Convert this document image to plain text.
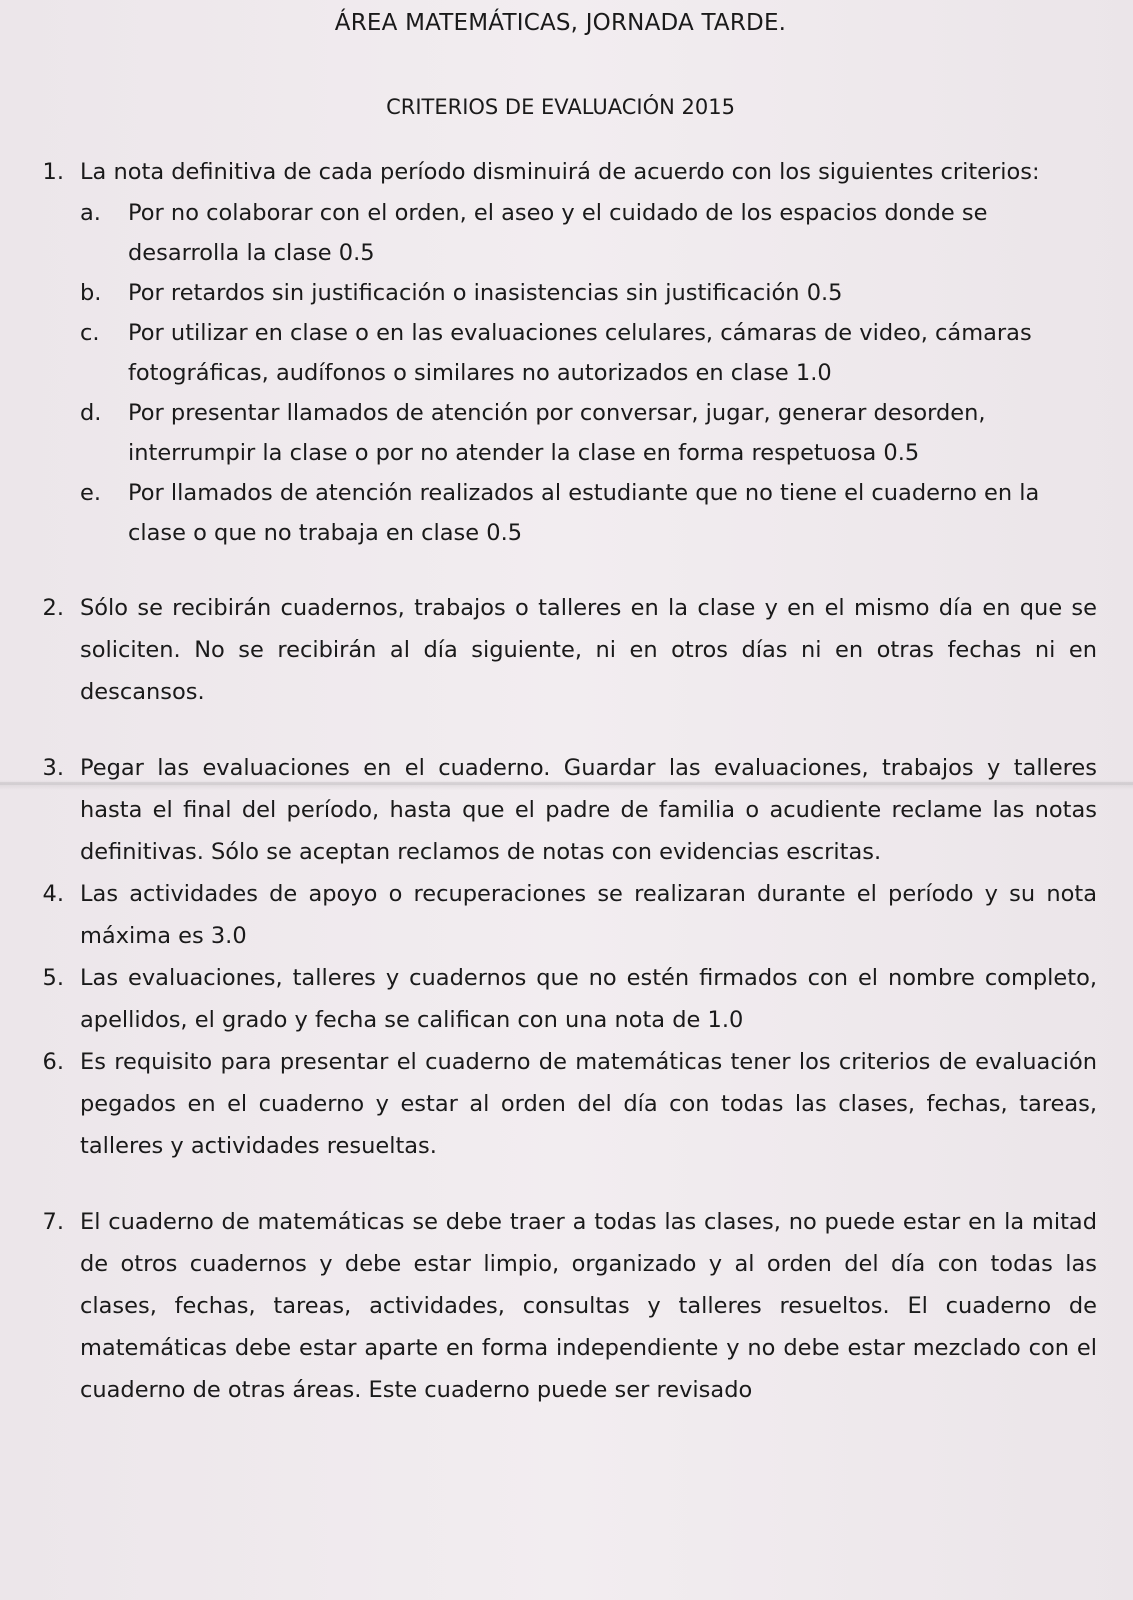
ÁREA MATEMÁTICAS, JORNADA TARDE.
CRITERIOS DE EVALUACIÓN 2015
1. La nota definitiva de cada período disminuirá de acuerdo con los siguientes criterios:
a. Por no colaborar con el orden, el aseo y el cuidado de los espacios donde se desarrolla la clase 0.5
b. Por retardos sin justificación o inasistencias sin justificación 0.5
c. Por utilizar en clase o en las evaluaciones celulares, cámaras de video, cámaras fotográficas, audífonos o similares no autorizados en clase 1.0
d. Por presentar llamados de atención por conversar, jugar, generar desorden, interrumpir la clase o por no atender la clase en forma respetuosa 0.5
e. Por llamados de atención realizados al estudiante que no tiene el cuaderno en la clase o que no trabaja en clase 0.5
2. Sólo se recibirán cuadernos, trabajos o talleres en la clase y en el mismo día en que se soliciten. No se recibirán al día siguiente, ni en otros días ni en otras fechas ni en descansos.
3. Pegar las evaluaciones en el cuaderno. Guardar las evaluaciones, trabajos y talleres hasta el final del período, hasta que el padre de familia o acudiente reclame las notas definitivas. Sólo se aceptan reclamos de notas con evidencias escritas.
4. Las actividades de apoyo o recuperaciones se realizaran durante el período y su nota máxima es 3.0
5. Las evaluaciones, talleres y cuadernos que no estén firmados con el nombre completo, apellidos, el grado y fecha se califican con una nota de 1.0
6. Es requisito para presentar el cuaderno de matemáticas tener los criterios de evaluación pegados en el cuaderno y estar al orden del día con todas las clases, fechas, tareas, talleres y actividades resueltas.
7. El cuaderno de matemáticas se debe traer a todas las clases, no puede estar en la mitad de otros cuadernos y debe estar limpio, organizado y al orden del día con todas las clases, fechas, tareas, actividades, consultas y talleres resueltos. El cuaderno de matemáticas debe estar aparte en forma independiente y no debe estar mezclado con el cuaderno de otras áreas. Este cuaderno puede ser revisado
